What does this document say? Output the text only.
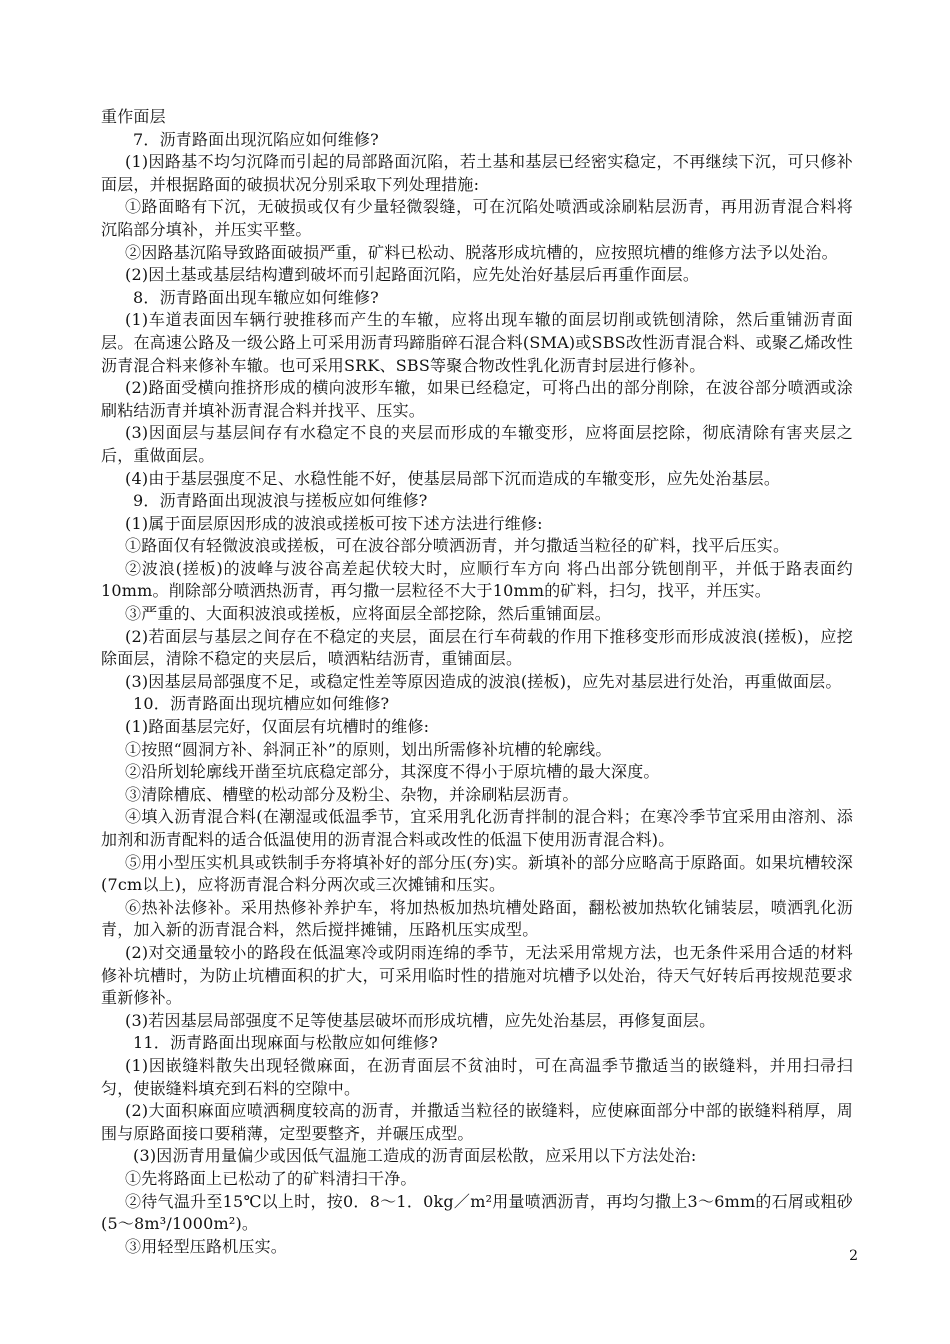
重作面层

7．沥青路面出现沉陷应如何维修?

(1)因路基不均匀沉降而引起的局部路面沉陷，若土基和基层已经密实稳定，不再继续下沉，可只修补面层，并根据路面的破损状况分别采取下列处理措施:

①路面略有下沉，无破损或仅有少量轻微裂缝，可在沉陷处喷洒或涂刷粘层沥青，再用沥青混合料将沉陷部分填补，并压实平整。

②因路基沉陷导致路面破损严重，矿料已松动、脱落形成坑槽的，应按照坑槽的维修方法予以处治。

(2)因土基或基层结构遭到破坏而引起路面沉陷，应先处治好基层后再重作面层。

8．沥青路面出现车辙应如何维修?

(1)车道表面因车辆行驶推移而产生的车辙，应将出现车辙的面层切削或铣刨清除，然后重铺沥青面层。在高速公路及一级公路上可采用沥青玛蹄脂碎石混合料(SMA)或SBS改性沥青混合料、或聚乙烯改性沥青混合料来修补车辙。也可采用SRK、SBS等聚合物改性乳化沥青封层进行修补。

(2)路面受横向推挤形成的横向波形车辙，如果已经稳定，可将凸出的部分削除，在波谷部分喷洒或涂刷粘结沥青并填补沥青混合料并找平、压实。

(3)因面层与基层间存有水稳定不良的夹层而形成的车辙变形，应将面层挖除，彻底清除有害夹层之后，重做面层。

(4)由于基层强度不足、水稳性能不好，使基层局部下沉而造成的车辙变形，应先处治基层。

9．沥青路面出现波浪与搓板应如何维修?

(1)属于面层原因形成的波浪或搓板可按下述方法进行维修:

①路面仅有轻微波浪或搓板，可在波谷部分喷洒沥青，并匀撒适当粒径的矿料，找平后压实。

②波浪(搓板)的波峰与波谷高差起伏较大时，应顺行车方向 将凸出部分铣刨削平，并低于路表面约10mm。削除部分喷洒热沥青，再匀撒一层粒径不大于10mm的矿料，扫匀，找平，并压实。

③严重的、大面积波浪或搓板，应将面层全部挖除，然后重铺面层。

(2)若面层与基层之间存在不稳定的夹层，面层在行车荷载的作用下推移变形而形成波浪(搓板)，应挖除面层，清除不稳定的夹层后，喷洒粘结沥青，重铺面层。

(3)因基层局部强度不足，或稳定性差等原因造成的波浪(搓板)，应先对基层进行处治，再重做面层。

10．沥青路面出现坑槽应如何维修?

(1)路面基层完好，仅面层有坑槽时的维修:

①按照“圆洞方补、斜洞正补”的原则，划出所需修补坑槽的轮廓线。

②沿所划轮廓线开凿至坑底稳定部分，其深度不得小于原坑槽的最大深度。

③清除槽底、槽壁的松动部分及粉尘、杂物，并涂刷粘层沥青。

④填入沥青混合料(在潮湿或低温季节，宜采用乳化沥青拌制的混合料；在寒冷季节宜采用由溶剂、添加剂和沥青配料的适合低温使用的沥青混合料或改性的低温下使用沥青混合料)。

⑤用小型压实机具或铁制手夯将填补好的部分压(夯)实。新填补的部分应略高于原路面。如果坑槽较深(7cm以上)，应将沥青混合料分两次或三次摊铺和压实。

⑥热补法修补。采用热修补养护车，将加热板加热坑槽处路面，翻松被加热软化铺装层，喷洒乳化沥青，加入新的沥青混合料，然后搅拌摊铺，压路机压实成型。

(2)对交通量较小的路段在低温寒冷或阴雨连绵的季节，无法采用常规方法，也无条件采用合适的材料修补坑槽时，为防止坑槽面积的扩大，可采用临时性的措施对坑槽予以处治，待天气好转后再按规范要求重新修补。

(3)若因基层局部强度不足等使基层破坏而形成坑槽，应先处治基层，再修复面层。

11．沥青路面出现麻面与松散应如何维修?

(1)因嵌缝料散失出现轻微麻面，在沥青面层不贫油时，可在高温季节撒适当的嵌缝料，并用扫帚扫匀，使嵌缝料填充到石料的空隙中。

(2)大面积麻面应喷洒稠度较高的沥青，并撒适当粒径的嵌缝料，应使麻面部分中部的嵌缝料稍厚，周围与原路面接口要稍薄，定型要整齐，并碾压成型。

(3)因沥青用量偏少或因低气温施工造成的沥青面层松散，应采用以下方法处治:

①先将路面上已松动了的矿料清扫干净。

②待气温升至15℃以上时，按0．8～1．0kg／m²用量喷洒沥青，再均匀撒上3～6mm的石屑或粗砂(5～8m³/1000m²)。

③用轻型压路机压实。

2
